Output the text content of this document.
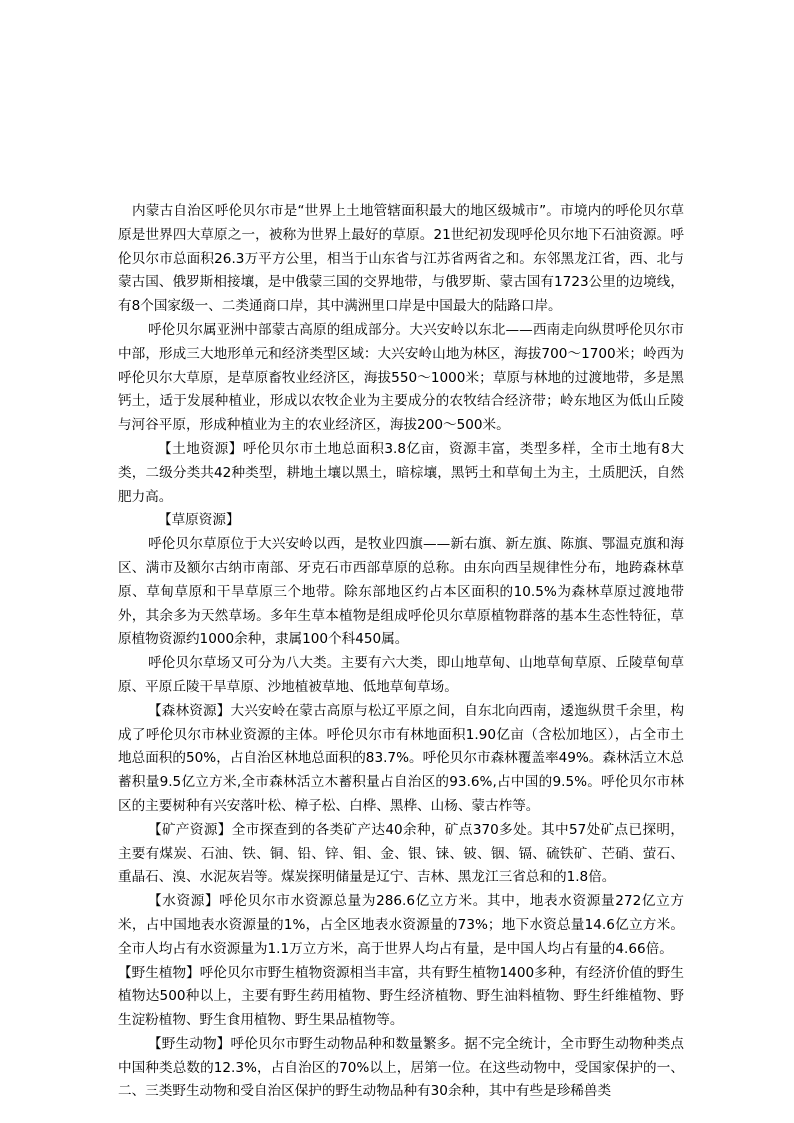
内蒙古自治区呼伦贝尔市是“世界上土地管辖面积最大的地区级城市”。市境内的呼伦贝尔草原是世界四大草原之一，被称为世界上最好的草原。21世纪初发现呼伦贝尔地下石油资源。呼伦贝尔市总面积26.3万平方公里，相当于山东省与江苏省两省之和。东邻黑龙江省，西、北与蒙古国、俄罗斯相接壤，是中俄蒙三国的交界地带，与俄罗斯、蒙古国有1723公里的边境线，有8个国家级一、二类通商口岸，其中满洲里口岸是中国最大的陆路口岸。

呼伦贝尔属亚洲中部蒙古高原的组成部分。大兴安岭以东北——西南走向纵贯呼伦贝尔市中部，形成三大地形单元和经济类型区域：大兴安岭山地为林区，海拔700～1700米；岭西为呼伦贝尔大草原，是草原畜牧业经济区，海拔550～1000米；草原与林地的过渡地带，多是黑钙土，适于发展种植业，形成以农牧企业为主要成分的农牧结合经济带；岭东地区为低山丘陵与河谷平原，形成种植业为主的农业经济区，海拔200～500米。

【土地资源】呼伦贝尔市土地总面积3.8亿亩，资源丰富，类型多样，全市土地有8大类，二级分类共42种类型，耕地土壤以黑土，暗棕壤，黑钙土和草甸土为主，土质肥沃，自然肥力高。

【草原资源】

呼伦贝尔草原位于大兴安岭以西，是牧业四旗——新右旗、新左旗、陈旗、鄂温克旗和海区、满市及额尔古纳市南部、牙克石市西部草原的总称。由东向西呈规律性分布，地跨森林草原、草甸草原和干旱草原三个地带。除东部地区约占本区面积的10.5%为森林草原过渡地带外，其余多为天然草场。多年生草本植物是组成呼伦贝尔草原植物群落的基本生态性特征，草原植物资源约1000余种，隶属100个科450属。

呼伦贝尔草场又可分为八大类。主要有六大类，即山地草甸、山地草甸草原、丘陵草甸草原、平原丘陵干旱草原、沙地植被草地、低地草甸草场。

【森林资源】大兴安岭在蒙古高原与松辽平原之间，自东北向西南，逶迤纵贯千余里，构成了呼伦贝尔市林业资源的主体。呼伦贝尔市有林地面积1.90亿亩（含松加地区），占全市土地总面积的50%，占自治区林地总面积的83.7%。呼伦贝尔市森林覆盖率49%。森林活立木总蓄积量9.5亿立方米,全市森林活立木蓄积量占自治区的93.6%,占中国的9.5%。呼伦贝尔市林区的主要树种有兴安落叶松、樟子松、白桦、黑桦、山杨、蒙古柞等。

【矿产资源】全市探查到的各类矿产达40余种，矿点370多处。其中57处矿点已探明，主要有煤炭、石油、铁、铜、铅、锌、钼、金、银、铼、铍、铟、镉、硫铁矿、芒硝、萤石、重晶石、溴、水泥灰岩等。煤炭探明储量是辽宁、吉林、黑龙江三省总和的1.8倍。

【水资源】呼伦贝尔市水资源总量为286.6亿立方米。其中，地表水资源量272亿立方米，占中国地表水资源量的1%，占全区地表水资源量的73%；地下水资总量14.6亿立方米。全市人均占有水资源量为1.1万立方米，高于世界人均占有量，是中国人均占有量的4.66倍。

【野生植物】呼伦贝尔市野生植物资源相当丰富，共有野生植物1400多种，有经济价值的野生植物达500种以上，主要有野生药用植物、野生经济植物、野生油料植物、野生纤维植物、野生淀粉植物、野生食用植物、野生果品植物等。

【野生动物】呼伦贝尔市野生动物品种和数量繁多。据不完全统计，全市野生动物种类点中国种类总数的12.3%，占自治区的70%以上，居第一位。在这些动物中，受国家保护的一、二、三类野生动物和受自治区保护的野生动物品种有30余种，其中有些是珍稀兽类
